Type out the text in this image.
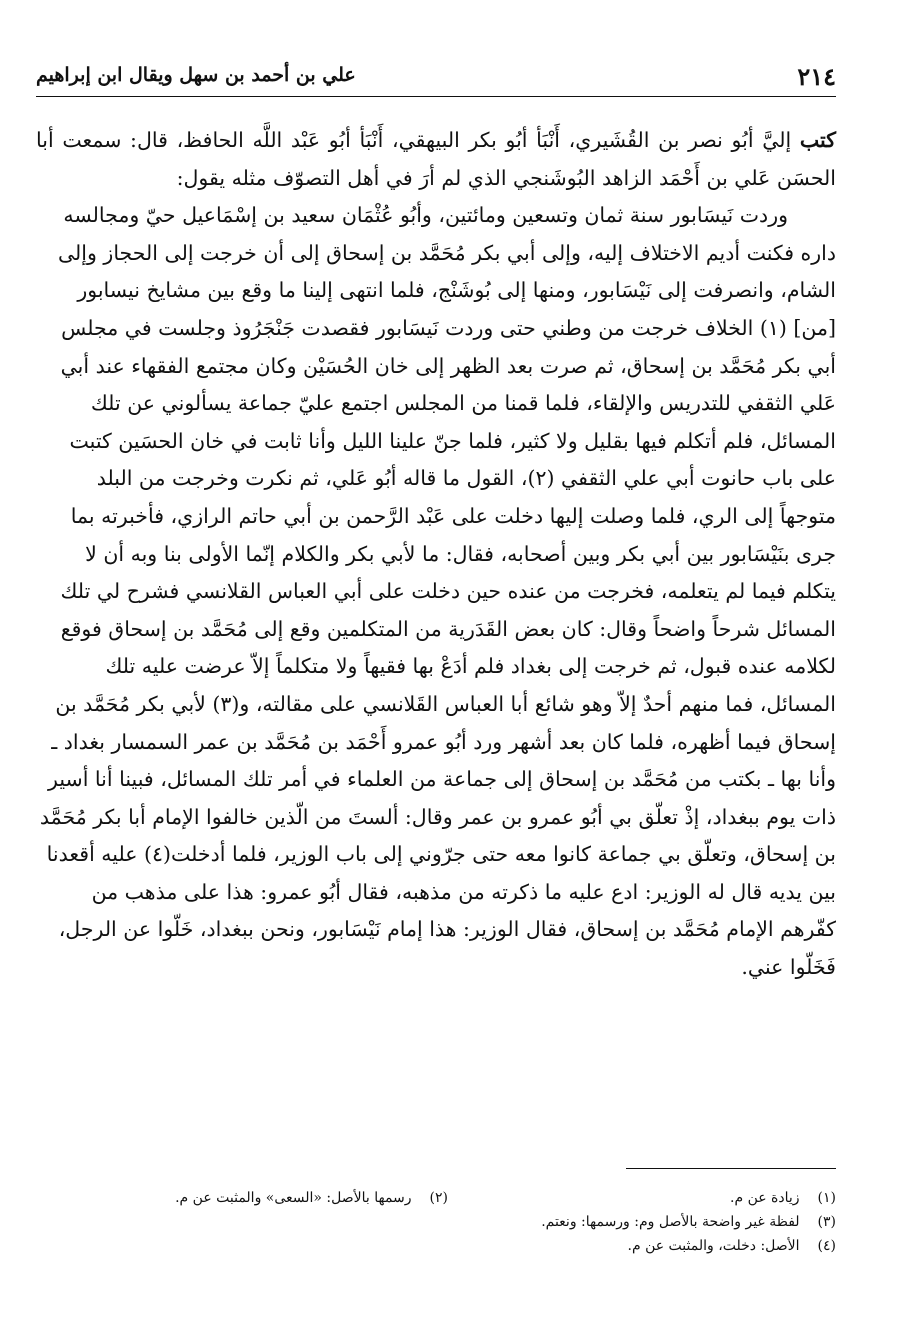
٢١٤
علي بن أحمد بن سهل ويقال ابن إبراهيم

كتب إليَّ أبُو نصر بن القُشَيري، أَنْبَأ أبُو بكر البيهقي، أَنْبَأ أبُو عَبْد اللَّه الحافظ، قال: سمعت أبا الحسَن عَلي بن أَحْمَد الزاهد البُوشَنجي الذي لم أرَ في أهل التصوّف مثله يقول:

وردت نَيسَابور سنة ثمان وتسعين ومائتين، وأبُو عُثْمَان سعيد بن إسْمَاعيل حيّ ومجالسه داره فكنت أديم الاختلاف إليه، وإلى أبي بكر مُحَمَّد بن إسحاق إلى أن خرجت إلى الحجاز وإلى الشام، وانصرفت إلى نَيْسَابور، ومنها إلى بُوشَنْج، فلما انتهى إلينا ما وقع بين مشايخ نيسابور [من] (١) الخلاف خرجت من وطني حتى وردت نَيسَابور فقصدت جَنْجَرُوذ وجلست في مجلس أبي بكر مُحَمَّد بن إسحاق، ثم صرت بعد الظهر إلى خان الحُسَيْن وكان مجتمع الفقهاء عند أبي عَلي الثقفي للتدريس والإلقاء، فلما قمنا من المجلس اجتمع عليّ جماعة يسألوني عن تلك المسائل، فلم أتكلم فيها بقليل ولا كثير، فلما جنّ علينا الليل وأنا ثابت في خان الحسَين كتبت على باب حانوت أبي علي الثقفي (٢)، القول ما قاله أبُو عَلي، ثم نكرت وخرجت من البلد متوجهاً إلى الري، فلما وصلت إليها دخلت على عَبْد الرَّحمن بن أبي حاتم الرازي، فأخبرته بما جرى بنَيْسَابور بين أبي بكر وبين أصحابه، فقال: ما لأبي بكر والكلام إنّما الأولى بنا وبه أن لا يتكلم فيما لم يتعلمه، فخرجت من عنده حين دخلت على أبي العباس القلانسي فشرح لي تلك المسائل شرحاً واضحاً وقال: كان بعض القَدَرية من المتكلمين وقع إلى مُحَمَّد بن إسحاق فوقع لكلامه عنده قبول، ثم خرجت إلى بغداد فلم أدَعْ بها فقيهاً ولا متكلماً إلاّ عرضت عليه تلك المسائل، فما منهم أحدٌ إلاّ وهو شائع أبا العباس القَلانسي على مقالته، و(٣) لأبي بكر مُحَمَّد بن إسحاق فيما أظهره، فلما كان بعد أشهر ورد أبُو عمرو أَحْمَد بن مُحَمَّد بن عمر السمسار بغداد ـ وأنا بها ـ بكتب من مُحَمَّد بن إسحاق إلى جماعة من العلماء في أمر تلك المسائل، فبينا أنا أسير ذات يوم ببغداد، إذْ تعلّق بي أبُو عمرو بن عمر وقال: ألستَ من الّذين خالفوا الإمام أبا بكر مُحَمَّد بن إسحاق، وتعلّق بي جماعة كانوا معه حتى جرّوني إلى باب الوزير، فلما أدخلت(٤) عليه أقعدنا بين يديه قال له الوزير: ادع عليه ما ذكرته من مذهبه، فقال أبُو عمرو: هذا على مذهب من كفّرهم الإمام مُحَمَّد بن إسحاق، فقال الوزير: هذا إمام نَيْسَابور، ونحن ببغداد، خَلّوا عن الرجل، فَخَلّوا عني.

(١) زيادة عن م.
(٢) رسمها بالأصل: «السعى» والمثبت عن م.
(٣) لفظة غير واضحة بالأصل وم: ورسمها: ونعتم.
(٤) الأصل: دخلت، والمثبت عن م.
